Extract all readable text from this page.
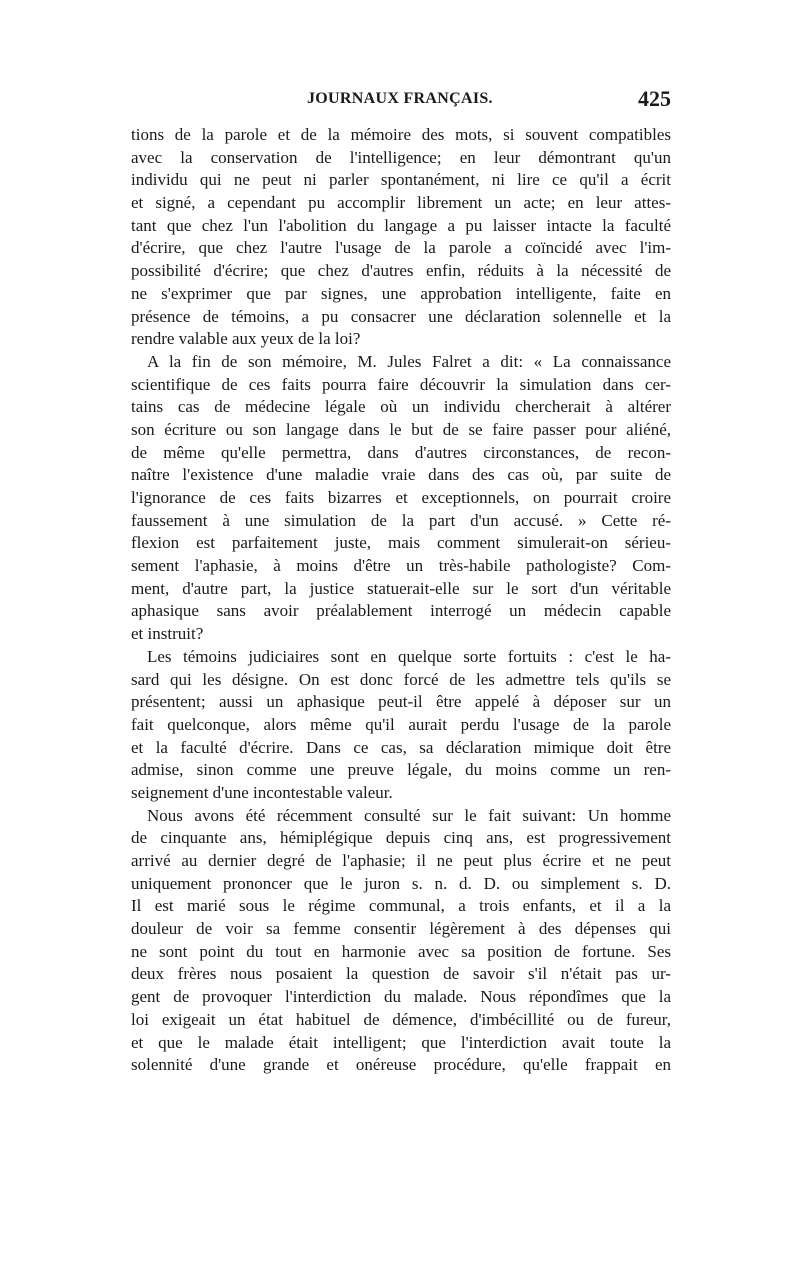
JOURNAUX FRANÇAIS.	425
tions de la parole et de la mémoire des mots, si souvent compatibles
avec la conservation de l'intelligence; en leur démontrant qu'un
individu qui ne peut ni parler spontanément, ni lire ce qu'il a écrit
et signé, a cependant pu accomplir librement un acte; en leur attes-
tant que chez l'un l'abolition du langage a pu laisser intacte la faculté
d'écrire, que chez l'autre l'usage de la parole a coïncidé avec l'im-
possibilité d'écrire; que chez d'autres enfin, réduits à la nécessité de
ne s'exprimer que par signes, une approbation intelligente, faite en
présence de témoins, a pu consacrer une déclaration solennelle et la
rendre valable aux yeux de la loi?
A la fin de son mémoire, M. Jules Falret a dit: « La connaissance
scientifique de ces faits pourra faire découvrir la simulation dans cer-
tains cas de médecine légale où un individu chercherait à altérer
son écriture ou son langage dans le but de se faire passer pour aliéné,
de même qu'elle permettra, dans d'autres circonstances, de recon-
naître l'existence d'une maladie vraie dans des cas où, par suite de
l'ignorance de ces faits bizarres et exceptionnels, on pourrait croire
faussement à une simulation de la part d'un accusé. » Cette ré-
flexion est parfaitement juste, mais comment simulerait-on sérieu-
sement l'aphasie, à moins d'être un très-habile pathologiste? Com-
ment, d'autre part, la justice statuerait-elle sur le sort d'un véritable
aphasique sans avoir préalablement interrogé un médecin capable
et instruit?
Les témoins judiciaires sont en quelque sorte fortuits : c'est le ha-
sard qui les désigne. On est donc forcé de les admettre tels qu'ils se
présentent; aussi un aphasique peut-il être appelé à déposer sur un
fait quelconque, alors même qu'il aurait perdu l'usage de la parole
et la faculté d'écrire. Dans ce cas, sa déclaration mimique doit être
admise, sinon comme une preuve légale, du moins comme un ren-
seignement d'une incontestable valeur.
Nous avons été récemment consulté sur le fait suivant: Un homme
de cinquante ans, hémiplégique depuis cinq ans, est progressivement
arrivé au dernier degré de l'aphasie; il ne peut plus écrire et ne peut
uniquement prononcer que le juron s. n. d. D. ou simplement s. D.
Il est marié sous le régime communal, a trois enfants, et il a la
douleur de voir sa femme consentir légèrement à des dépenses qui
ne sont point du tout en harmonie avec sa position de fortune. Ses
deux frères nous posaient la question de savoir s'il n'était pas ur-
gent de provoquer l'interdiction du malade. Nous répondîmes que la
loi exigeait un état habituel de démence, d'imbécillité ou de fureur,
et que le malade était intelligent; que l'interdiction avait toute la
solennité d'une grande et onéreuse procédure, qu'elle frappait en
